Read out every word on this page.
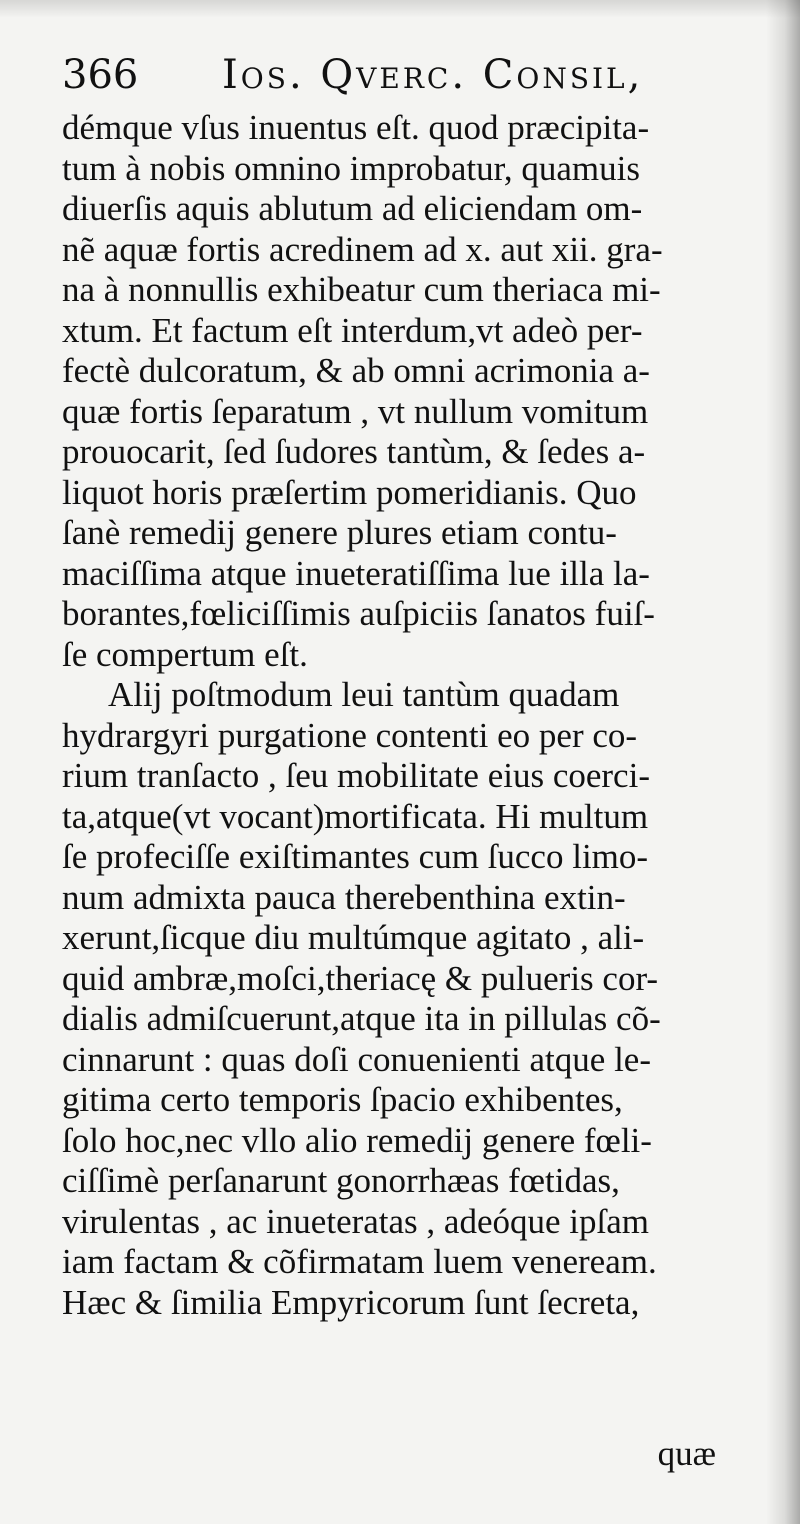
366 Ios. Qverc. Consil,
démque vſus inuentus eſt. quod præcipita-
tum à nobis omnino improbatur, quamuis
diuerſis aquis ablutum ad eliciendam om-
nẽ aquæ fortis acredinem ad x. aut xii. gra-
na à nonnullis exhibeatur cum theriaca mi-
xtum. Et factum eſt interdum,vt adeò per-
fectè dulcoratum, & ab omni acrimonia a-
quæ fortis ſeparatum , vt nullum vomitum
prouocarit, ſed ſudores tantùm, & ſedes a-
liquot horis præſertim pomeridianis. Quo
ſanè remedij genere plures etiam contu-
maciſſima atque inueteratiſſima lue illa la-
borantes,fœliciſſimis auſpiciis ſanatos fuiſ-
ſe compertum eſt.
Alij poſtmodum leui tantùm quadam
hydrargyri purgatione contenti eo per co-
rium tranſacto , ſeu mobilitate eius coerci-
ta,atque(vt vocant)mortificata. Hi multum
ſe profeciſſe exiſtimantes cum ſucco limo-
num admixta pauca therebenthina extin-
xerunt,ſicque diu multúmque agitato , ali-
quid ambræ,moſci,theriacę & pulueris cor-
dialis admiſcuerunt,atque ita in pillulas cõ-
cinnarunt : quas doſi conuenienti atque le-
gitima certo temporis ſpacio exhibentes,
ſolo hoc,nec vllo alio remedij genere fœli-
ciſſimè perſanarunt gonorrhæas fœtidas,
virulentas , ac inueteratas , adeóque ipſam
iam factam & cõfirmatam luem veneream.
Hæc & ſimilia Empyricorum ſunt ſecreta,
quæ
